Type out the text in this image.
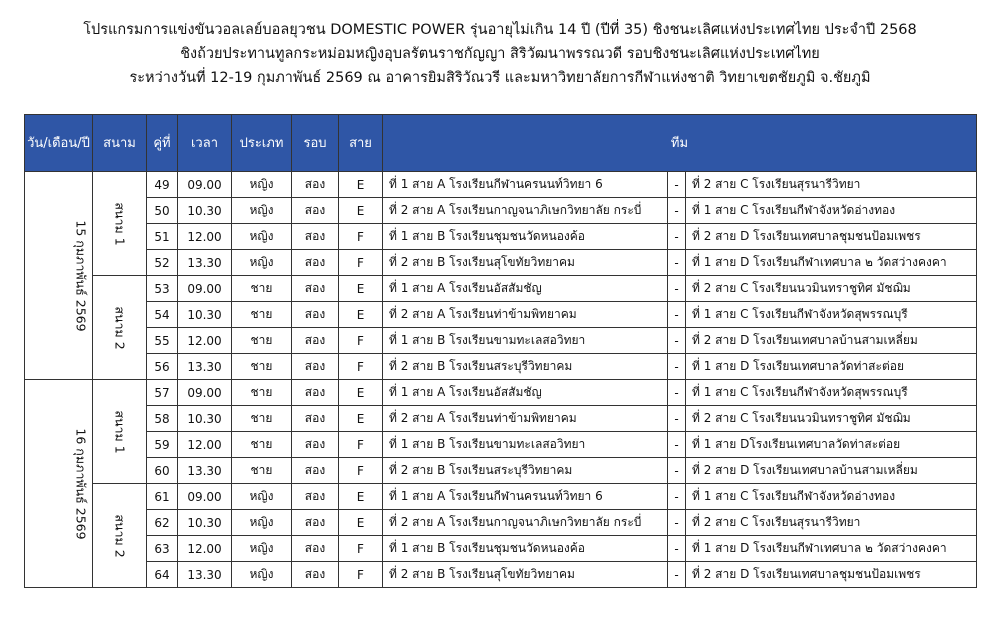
โปรแกรมการแข่งขันวอลเลย์บอลยุวชน DOMESTIC POWER รุ่นอายุไม่เกิน 14 ปี (ปีที่ 35) ชิงชนะเลิศแห่งประเทศไทย ประจำปี 2568
ชิงถ้วยประทานทูลกระหม่อมหญิงอุบลรัตนราชกัญญา สิริวัฒนาพรรณวดี รอบชิงชนะเลิศแห่งประเทศไทย
ระหว่างวันที่ 12-19 กุมภาพันธ์ 2569 ณ อาคารยิมสิริวัณวรี และมหาวิทยาลัยการกีฬาแห่งชาติ วิทยาเขตชัยภูมิ จ.ชัยภูมิ
วัน/เดือน/ปี	สนาม	คู่ที่	เวลา	ประเภท	รอบ	สาย	ทีม		
15 กุมภาพันธ์ 2569	สนาม 1	49	09.00	หญิง	สอง	E	ที่ 1 สาย A โรงเรียนกีฬานครนนท์วิทยา 6	-	ที่ 2 สาย C โรงเรียนสุรนารีวิทยา
		50	10.30	หญิง	สอง	E	ที่ 2 สาย A โรงเรียนกาญจนาภิเษกวิทยาลัย กระบี่	-	ที่ 1 สาย C โรงเรียนกีฬาจังหวัดอ่างทอง
		51	12.00	หญิง	สอง	F	ที่ 1 สาย B โรงเรียนชุมชนวัดหนองค้อ	-	ที่ 2 สาย D โรงเรียนเทศบาลชุมชนป้อมเพชร
		52	13.30	หญิง	สอง	F	ที่ 2 สาย B โรงเรียนสุโขทัยวิทยาคม	-	ที่ 1 สาย D โรงเรียนกีฬาเทศบาล ๒ วัดสว่างคงคา
	สนาม 2	53	09.00	ชาย	สอง	E	ที่ 1 สาย A โรงเรียนอัสสัมชัญ	-	ที่ 2 สาย C โรงเรียนนวมินทราชูทิศ มัชฌิม
		54	10.30	ชาย	สอง	E	ที่ 2 สาย A โรงเรียนท่าข้ามพิทยาคม	-	ที่ 1 สาย C โรงเรียนกีฬาจังหวัดสุพรรณบุรี
		55	12.00	ชาย	สอง	F	ที่ 1 สาย B โรงเรียนขามทะเลสอวิทยา	-	ที่ 2 สาย D โรงเรียนเทศบาลบ้านสามเหลี่ยม
		56	13.30	ชาย	สอง	F	ที่ 2 สาย B โรงเรียนสระบุรีวิทยาคม	-	ที่ 1 สาย D โรงเรียนเทศบาลวัดท่าสะต่อย
16 กุมภาพันธ์ 2569	สนาม 1	57	09.00	ชาย	สอง	E	ที่ 1 สาย A โรงเรียนอัสสัมชัญ	-	ที่ 1 สาย C โรงเรียนกีฬาจังหวัดสุพรรณบุรี
		58	10.30	ชาย	สอง	E	ที่ 2 สาย A โรงเรียนท่าข้ามพิทยาคม	-	ที่ 2 สาย C โรงเรียนนวมินทราชูทิศ มัชฌิม
		59	12.00	ชาย	สอง	F	ที่ 1 สาย B โรงเรียนขามทะเลสอวิทยา	-	ที่ 1 สาย Dโรงเรียนเทศบาลวัดท่าสะต่อย
		60	13.30	ชาย	สอง	F	ที่ 2 สาย B โรงเรียนสระบุรีวิทยาคม	-	ที่ 2 สาย D โรงเรียนเทศบาลบ้านสามเหลี่ยม
	สนาม 2	61	09.00	หญิง	สอง	E	ที่ 1 สาย A โรงเรียนกีฬานครนนท์วิทยา 6	-	ที่ 1 สาย C โรงเรียนกีฬาจังหวัดอ่างทอง
		62	10.30	หญิง	สอง	E	ที่ 2 สาย A โรงเรียนกาญจนาภิเษกวิทยาลัย กระบี่	-	ที่ 2 สาย C โรงเรียนสุรนารีวิทยา
		63	12.00	หญิง	สอง	F	ที่ 1 สาย B โรงเรียนชุมชนวัดหนองค้อ	-	ที่ 1 สาย D โรงเรียนกีฬาเทศบาล ๒ วัดสว่างคงคา
		64	13.30	หญิง	สอง	F	ที่ 2 สาย B โรงเรียนสุโขทัยวิทยาคม	-	ที่ 2 สาย D โรงเรียนเทศบาลชุมชนป้อมเพชร
